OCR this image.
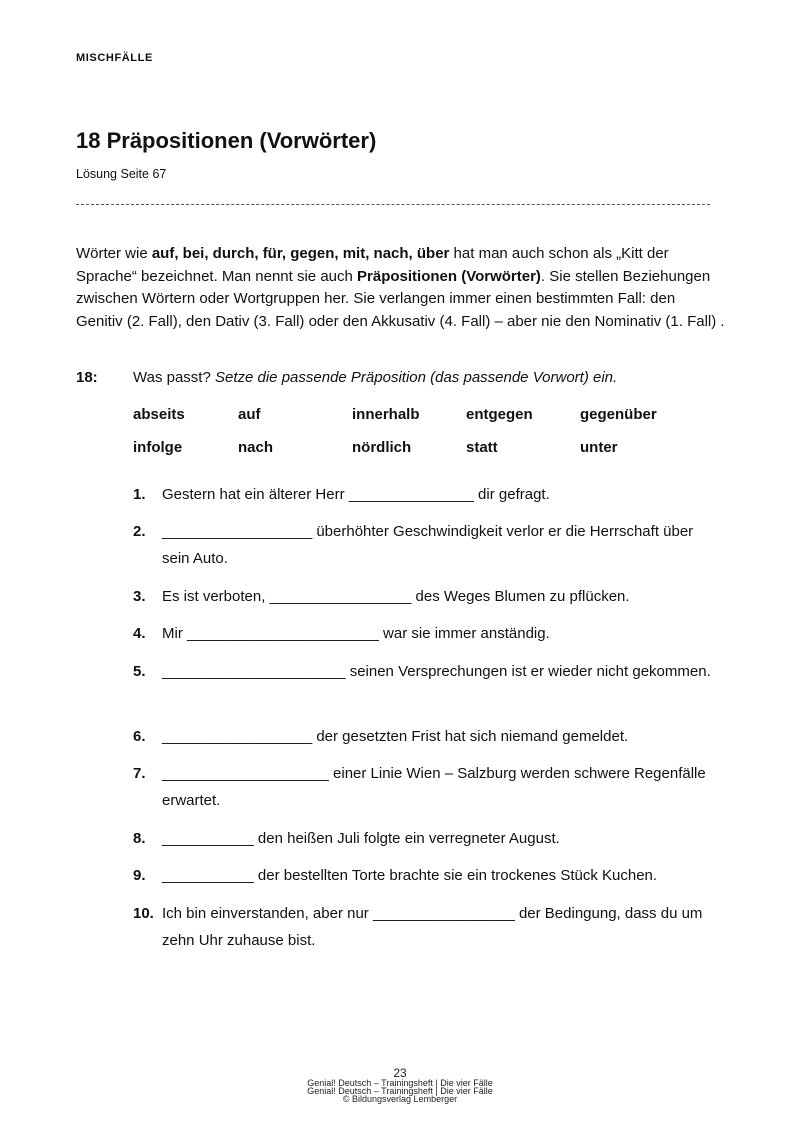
MISCHFÄLLE
18 Präpositionen (Vorwörter)
Lösung Seite 67

Wörter wie auf, bei, durch, für, gegen, mit, nach, über hat man auch schon als „Kitt der Sprache“ bezeichnet. Man nennt sie auch Präpositionen (Vorwörter). Sie stellen Beziehungen zwischen Wörtern oder Wortgruppen her. Sie verlangen immer einen bestimmten Fall: den Genitiv (2. Fall), den Dativ (3. Fall) oder den Akkusativ (4. Fall) – aber nie den Nominativ (1. Fall) .

18: Was passt? Setze die passende Präposition (das passende Vorwort) ein.
abseits	auf	innerhalb	entgegen	gegenüber
infolge	nach	nördlich	statt	unter
1. Gestern hat ein älterer Herr _______________ dir gefragt.
2. __________________ überhöhter Geschwindigkeit verlor er die Herrschaft über sein Auto.
3. Es ist verboten, _________________ des Weges Blumen zu pflücken.
4. Mir _______________________ war sie immer anständig.
5. ______________________ seinen Versprechungen ist er wieder nicht gekommen.
6. __________________ der gesetzten Frist hat sich niemand gemeldet.
7. ____________________ einer Linie Wien – Salzburg werden schwere Regenfälle erwartet.
8. ___________ den heißen Juli folgte ein verregneter August.
9. ___________ der bestellten Torte brachte sie ein trockenes Stück Kuchen.
10. Ich bin einverstanden, aber nur _________________ der Bedingung, dass du um zehn Uhr zuhause bist.
23
Genial! Deutsch – Trainingsheft | Die vier Fälle
Genial! Deutsch – Trainingsheft | Die vier Fälle
© Bildungsverlag Lemberger
